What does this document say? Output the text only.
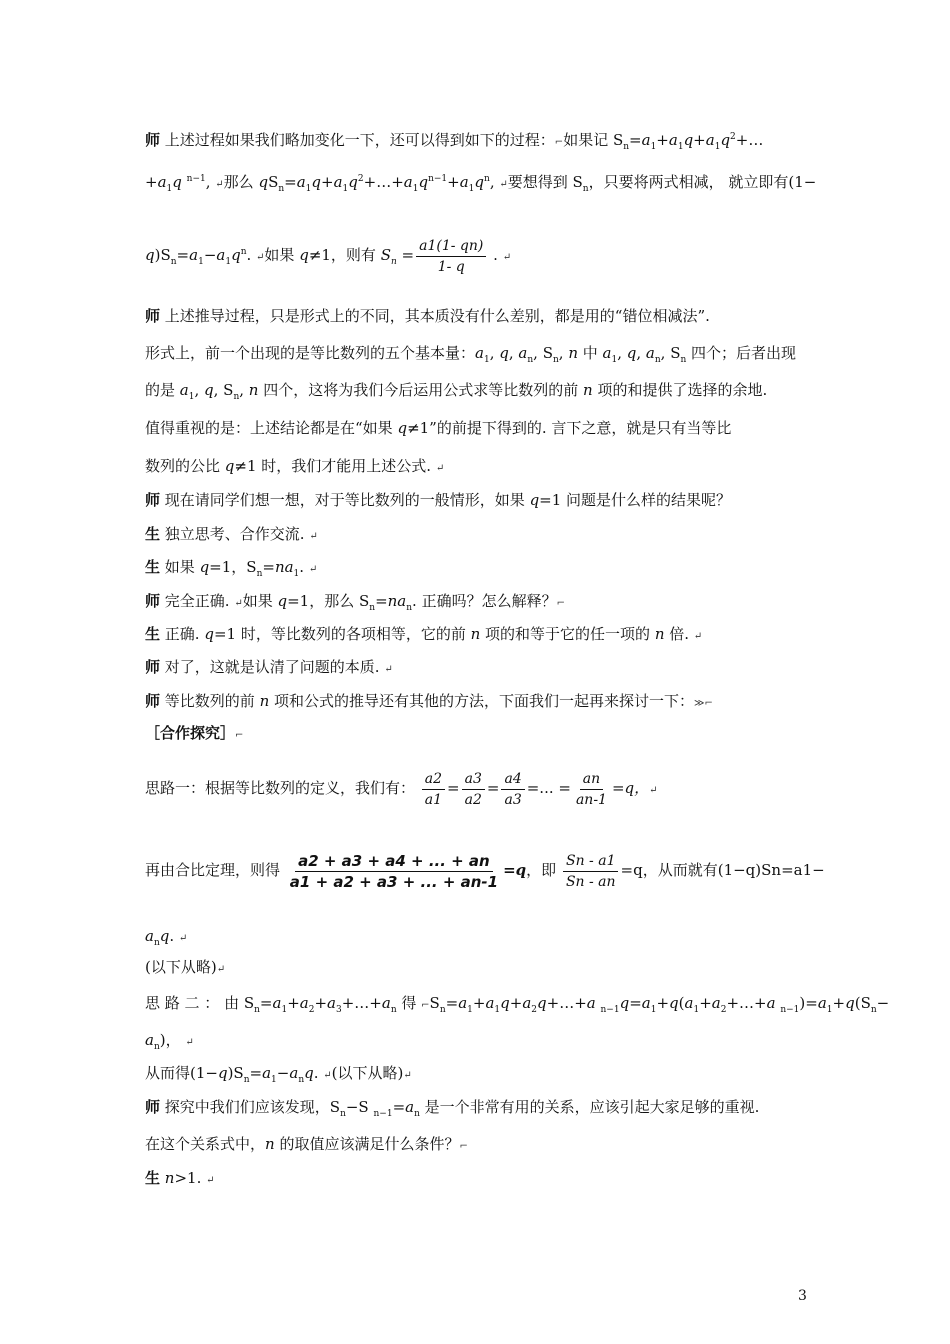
师 上述过程如果我们略加变化一下，还可以得到如下的过程：⌐如果记 $S_n=a_1+a_1q+a_1q^2+\dots$
$+a_1q$ $^{n-1}$, ↵那么 $qS_n=a_1q+a_1q^2+\dots+a_1q^{n-1}+a_1q^n$, ↵要想得到 $S_n$，只要将两式相减， 就立即有(1−
$q)S_n=a_1-a_1q^n$. ↵如果 q≠1，则有 $S_n = \frac{a1(1- qn)}{1- q}$ . ↵
师 上述推导过程，只是形式上的不同，其本质没有什么差别，都是用的“错位相减法”.
形式上，前一个出现的是等比数列的五个基本量：$a_1$, q, $a_n$, $S_n$, n 中 $a_1$, q, $a_n$, $S_n$ 四个；后者出现
的是 $a_1$, q, $S_n$, n 四个，这将为我们今后运用公式求等比数列的前 n 项的和提供了选择的余地.
值得重视的是：上述结论都是在“如果 q≠1”的前提下得到的. 言下之意，就是只有当等比
数列的公比 q≠1 时，我们才能用上述公式. ↵
师 现在请同学们想一想，对于等比数列的一般情形，如果 q=1 问题是什么样的结果呢？
生 独立思考、合作交流. ↵
生 如果 q=1，$S_n=na_1$. ↵
师 完全正确. ↵如果 q=1，那么 $S_n=na_n$. 正确吗？怎么解释？⌐
生 正确. q=1 时，等比数列的各项相等，它的前 n 项的和等于它的任一项的 n 倍. ↵
师 对了，这就是认清了问题的本质. ↵
师 等比数列的前 n 项和公式的推导还有其他的方法，下面我们一起再来探讨一下：≫⌐
［合作探究］⌐
思路一：根据等比数列的定义，我们有： $\frac{a2}{a1} = \frac{a3}{a2} = \frac{a4}{a3}$ =... = $\frac{an}{an-1} =q$，↵
再由合比定理，则得 $\frac{a2 + a3 + a4 + ... + an}{a1 + a2 + a3 + ... + an-1} =q$，即 $\frac{Sn - a1}{Sn - an} =q$，从而就有(1−q)Sn=a1−
$a_nq$. ↵
(以下从略)↵
思 路 二 ： 由 $S_n=a_1+a_2+a_3+\dots+a_n$ 得 $⌐S_n=a_1+a_1q+a_2q+\dots+a$ $_{n-1}q=a_1+q(a_1+a_2+\dots+a$ $_{n-1})=a_1+q(S_n-$
$a_n$)， ↵
从而得$(1-q)S_n=a_1-a_nq$. ↵(以下从略)↵
师 探究中我们们应该发现，$S_n-S$ $_{n-1}=a_n$ 是一个非常有用的关系，应该引起大家足够的重视.
在这个关系式中，n 的取值应该满足什么条件？⌐
生 n>1. ↵
3
